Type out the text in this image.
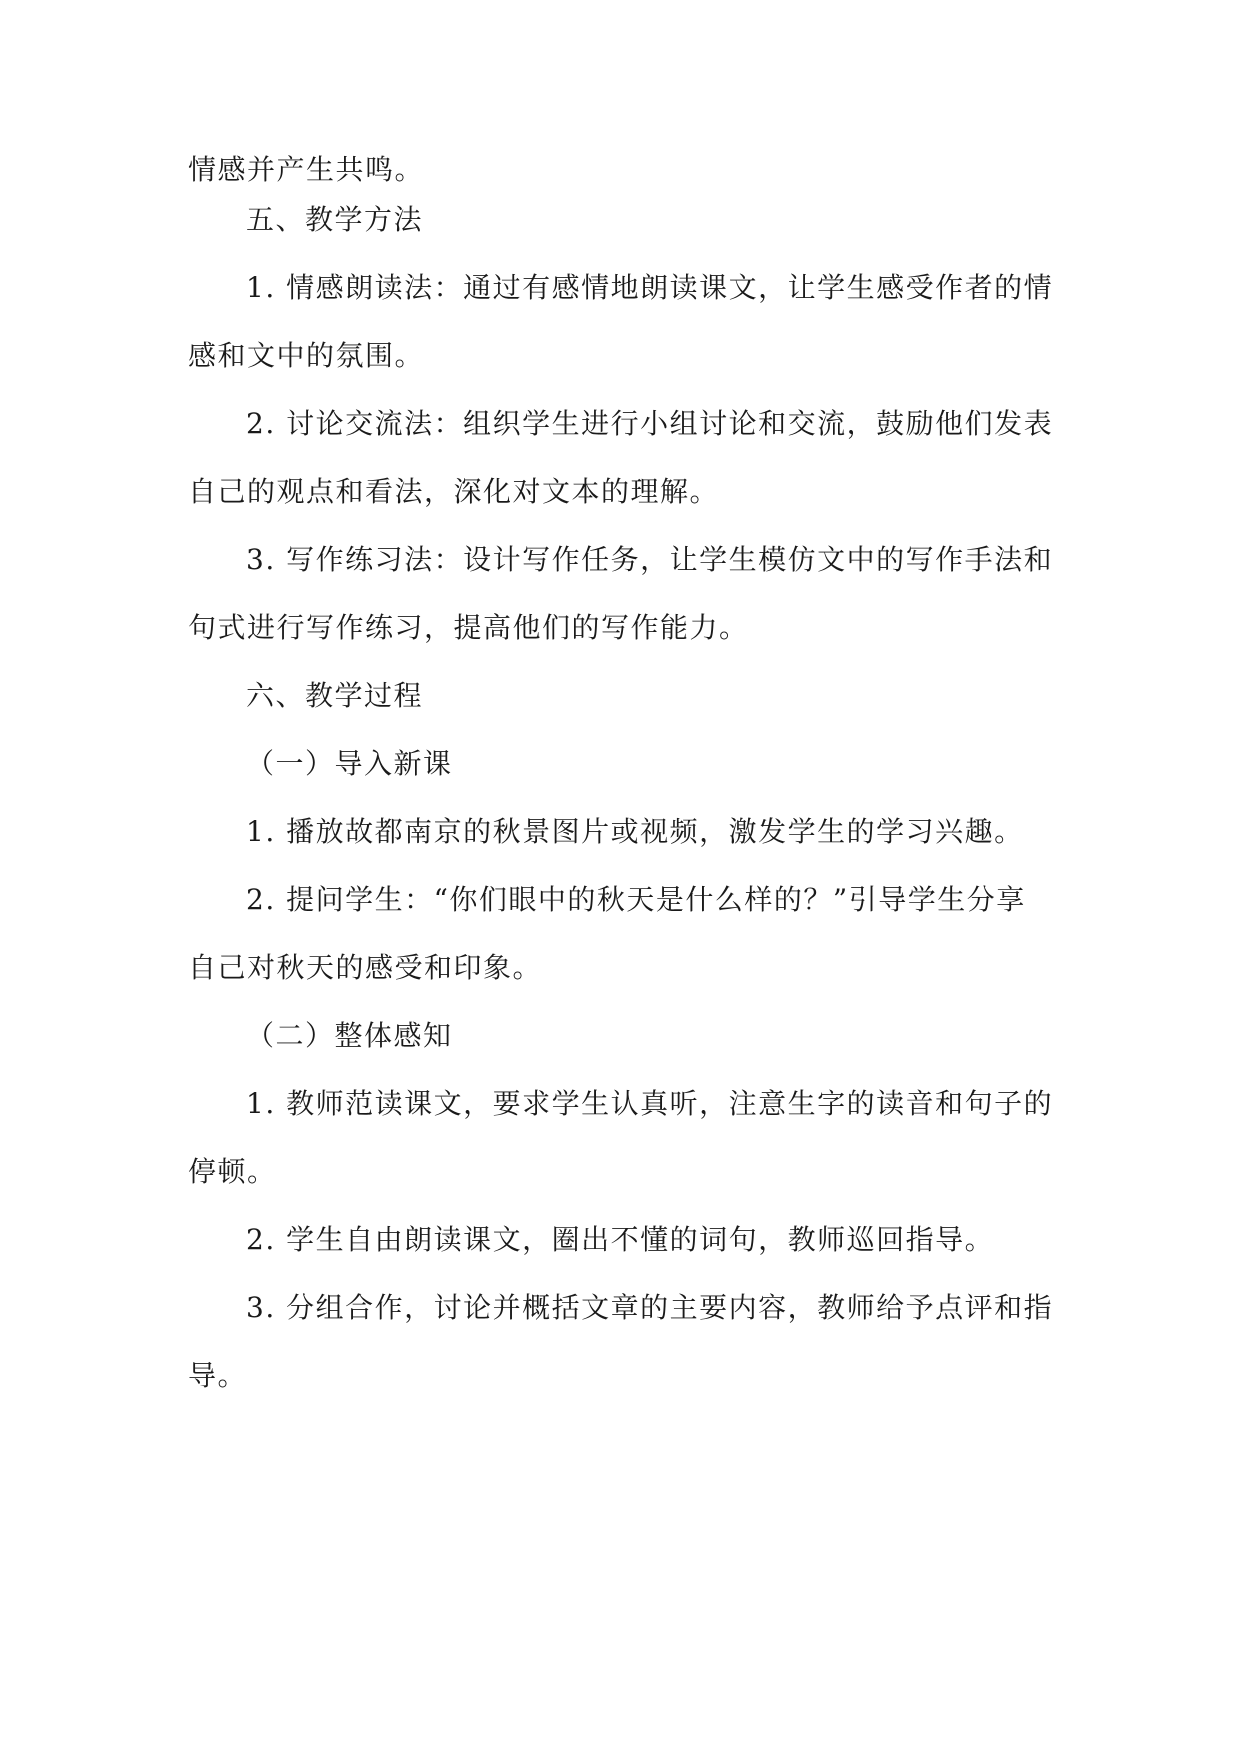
情感并产生共鸣。

五、教学方法

1. 情感朗读法：通过有感情地朗读课文，让学生感受作者的情

感和文中的氛围。

2. 讨论交流法：组织学生进行小组讨论和交流，鼓励他们发表

自己的观点和看法，深化对文本的理解。

3. 写作练习法：设计写作任务，让学生模仿文中的写作手法和

句式进行写作练习，提高他们的写作能力。

六、教学过程

（一）导入新课

1. 播放故都南京的秋景图片或视频，激发学生的学习兴趣。

2. 提问学生：“你们眼中的秋天是什么样的？”引导学生分享

自己对秋天的感受和印象。

（二）整体感知

1. 教师范读课文，要求学生认真听，注意生字的读音和句子的

停顿。

2. 学生自由朗读课文，圈出不懂的词句，教师巡回指导。

3. 分组合作，讨论并概括文章的主要内容，教师给予点评和指

导。
